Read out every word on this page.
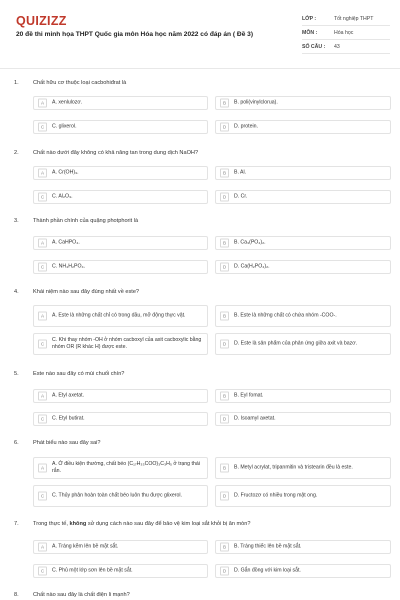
QUIZIZZ
20 đề thi minh họa THPT Quốc gia môn Hóa học năm 2022 có đáp án ( Đề 3)
LỚP :	Tốt nghiệp THPT
MÔN :	Hóa học
SỐ CÂU :	43
1.	Chất hữu cơ thuộc loại cacbohiđrat là
A	A. xenlulozơ.	B	B. poli(vinylclorua).
C	C. glixerol.	D	D. protein.
2.	Chất nào dưới đây không có khả năng tan trong dung dịch NaOH?
A	A. Cr(OH)₃.	B	B. Al.
C	C. Al₂O₃.	D	D. Cr.
3.	Thành phần chính của quặng photphorit là
A	A. CaHPO₄.	B	B. Ca₃(PO₄)₂.
C	C. NH₄H₂PO₄.	D	D. Ca(H₂PO₄)₂.
4.	Khái niệm nào sau đây đúng nhất về este?
A	A. Este là những chất chỉ có trong dầu, mỡ động thực vật.	B	B. Este là những chất có chứa nhóm -COO-.
C
C. Khi thay nhóm -OH ở nhóm cacboxyl của axit cacboxylic bằng nhóm OR (R khác H) được este.	D	D. Este là sản phẩm của phản ứng giữa axit và bazơ.
5.	Este nào sau đây có mùi chuối chín?
A	A. Etyl axetat.	B	B. Eyl fomat.
C	C. Etyl butirat.	D	D. Isoamyl axetat.
6.	Phát biểu nào sau đây sai?
A
A. Ở điều kiện thường, chất béo (C₁₇H₃₃COO)₃C₃H₅ ở trạng thái rắn.	B	B. Metyl acrylat, tripanmitin và tristearin đều là este.
C	C. Thủy phân hoàn toàn chất béo luôn thu được glixerol.	D	D. Fructozơ có nhiều trong mật ong.
7.	Trong thực tế, không sử dụng cách nào sau đây để bảo vệ kim loại sắt khỏi bị ăn mòn?
A	A. Tráng kẽm lên bề mặt sắt.	B	B. Tráng thiếc lên bề mặt sắt.
C	C. Phủ một lớp sơn lên bề mặt sắt.	D	D. Gắn đồng với kim loại sắt.
8.	Chất nào sau đây là chất điện li mạnh?
